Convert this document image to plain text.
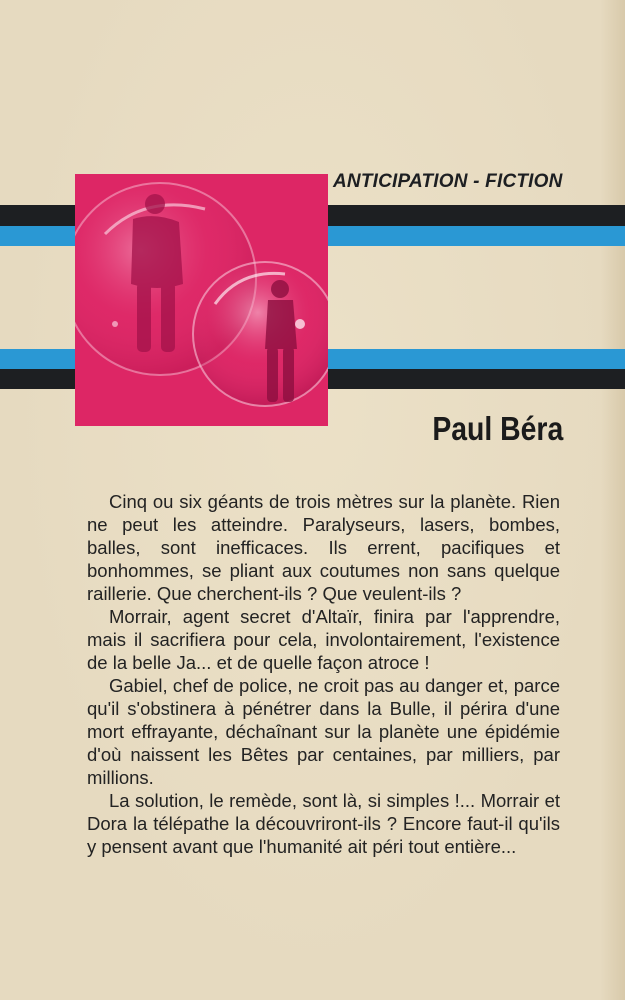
ANTICIPATION - FICTION
Paul Béra

Cinq ou six géants de trois mètres sur la planète. Rien ne peut les atteindre. Paralyseurs, lasers, bombes, balles, sont inefficaces. Ils errent, pacifiques et bonhommes, se pliant aux coutumes non sans quelque raillerie. Que cherchent-ils ? Que veulent-ils ?

Morrair, agent secret d'Altaïr, finira par l'apprendre, mais il sacrifiera pour cela, involontairement, l'existence de la belle Ja... et de quelle façon atroce !

Gabiel, chef de police, ne croit pas au danger et, parce qu'il s'obstinera à pénétrer dans la Bulle, il périra d'une mort effrayante, déchaînant sur la planète une épidémie d'où naissent les Bêtes par centaines, par milliers, par millions.

La solution, le remède, sont là, si simples !... Morrair et Dora la télépathe la découvriront-ils ? Encore faut-il qu'ils y pensent avant que l'humanité ait péri tout entière...
